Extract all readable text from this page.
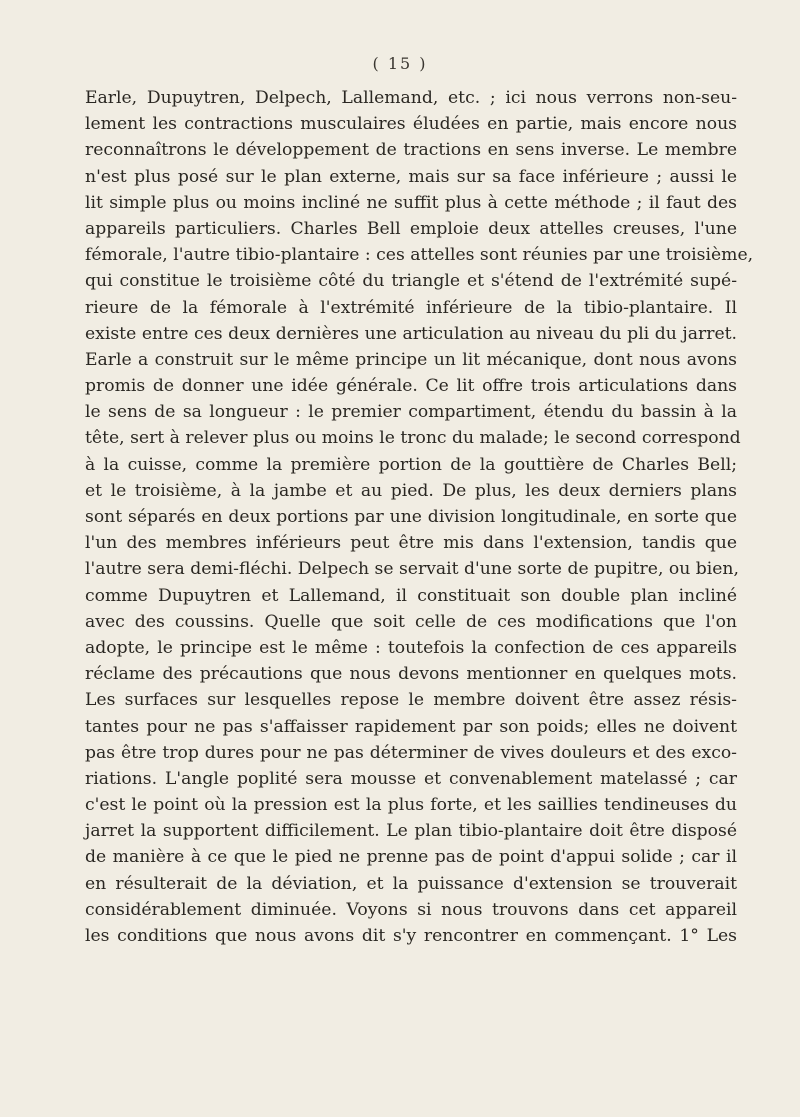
( 15 )
Earle, Dupuytren, Delpech, Lallemand, etc. ; ici nous verrons non-seu-
lement les contractions musculaires éludées en partie, mais encore nous
reconnaîtrons le développement de tractions en sens inverse. Le membre
n'est plus posé sur le plan externe, mais sur sa face inférieure ; aussi le
lit simple plus ou moins incliné ne suffit plus à cette méthode ; il faut des
appareils particuliers. Charles Bell emploie deux attelles creuses, l'une
fémorale, l'autre tibio-plantaire : ces attelles sont réunies par une troisième,
qui constitue le troisième côté du triangle et s'étend de l'extrémité supé-
rieure de la fémorale à l'extrémité inférieure de la tibio-plantaire. Il
existe entre ces deux dernières une articulation au niveau du pli du jarret.
Earle a construit sur le même principe un lit mécanique, dont nous avons
promis de donner une idée générale. Ce lit offre trois articulations dans
le sens de sa longueur : le premier compartiment, étendu du bassin à la
tête, sert à relever plus ou moins le tronc du malade; le second correspond
à la cuisse, comme la première portion de la gouttière de Charles Bell;
et le troisième, à la jambe et au pied. De plus, les deux derniers plans
sont séparés en deux portions par une division longitudinale, en sorte que
l'un des membres inférieurs peut être mis dans l'extension, tandis que
l'autre sera demi-fléchi. Delpech se servait d'une sorte de pupitre, ou bien,
comme Dupuytren et Lallemand, il constituait son double plan incliné
avec des coussins. Quelle que soit celle de ces modifications que l'on
adopte, le principe est le même : toutefois la confection de ces appareils
réclame des précautions que nous devons mentionner en quelques mots.
Les surfaces sur lesquelles repose le membre doivent être assez résis-
tantes pour ne pas s'affaisser rapidement par son poids; elles ne doivent
pas être trop dures pour ne pas déterminer de vives douleurs et des exco-
riations. L'angle poplité sera mousse et convenablement matelassé ; car
c'est le point où la pression est la plus forte, et les saillies tendineuses du
jarret la supportent difficilement. Le plan tibio-plantaire doit être disposé
de manière à ce que le pied ne prenne pas de point d'appui solide ; car il
en résulterait de la déviation, et la puissance d'extension se trouverait
considérablement diminuée. Voyons si nous trouvons dans cet appareil
les conditions que nous avons dit s'y rencontrer en commençant. 1° Les
